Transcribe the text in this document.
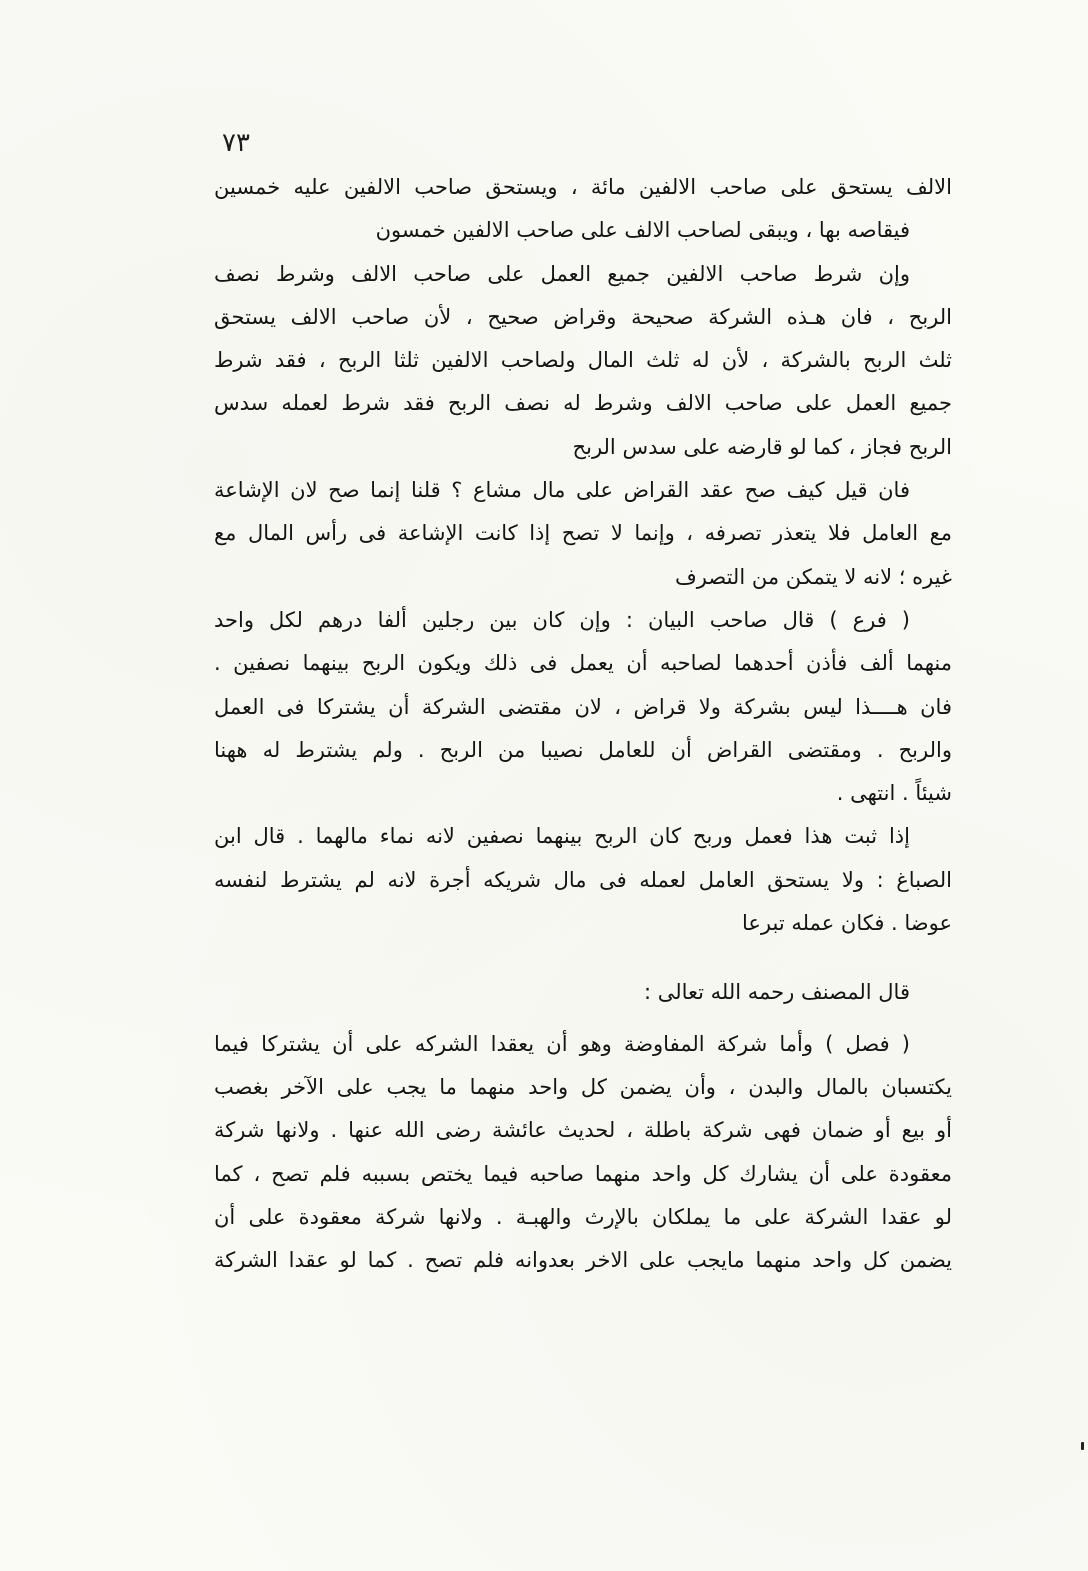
٧٣
الالف يستحق على صاحب الالفين مائة ، ويستحق صاحب الالفين عليه خمسين
فيقاصه بها ، ويبقى لصاحب الالف على صاحب الالفين خمسون
وإن شرط صاحب الالفين جميع العمل على صاحب الالف وشرط نصف
الربح ، فان هـذه الشركة صحيحة وقراض صحيح ، لأن صاحب الالف يستحق
ثلث الربح بالشركة ، لأن له ثلث المال ولصاحب الالفين ثلثا الربح ، فقد شرط
جميع العمل على صاحب الالف وشرط له نصف الربح فقد شرط لعمله سدس
الربح فجاز ، كما لو قارضه على سدس الربح
فان قيل كيف صح عقد القراض على مال مشاع ؟ قلنا إنما صح لان الإشاعة
مع العامل فلا يتعذر تصرفه ، وإنما لا تصح إذا كانت الإشاعة فى رأس المال مع
غيره ؛ لانه لا يتمكن من التصرف
( فرع ) قال صاحب البيان : وإن كان بين رجلين ألفا درهم لكل واحد
منهما ألف فأذن أحدهما لصاحبه أن يعمل فى ذلك ويكون الربح بينهما نصفين .
فان هــــذا ليس بشركة ولا قراض ، لان مقتضى الشركة أن يشتركا فى العمل
والربح . ومقتضى القراض أن للعامل نصيبا من الربح . ولم يشترط له ههنا
شيئاً . انتهى .
إذا ثبت هذا فعمل وربح كان الربح بينهما نصفين لانه نماء مالهما . قال ابن
الصباغ : ولا يستحق العامل لعمله فى مال شريكه أجرة لانه لم يشترط لنفسه
عوضا . فكان عمله تبرعا
قال المصنف رحمه الله تعالى :
( فصل ) وأما شركة المفاوضة وهو أن يعقدا الشركه على أن يشتركا فيما
يكتسبان بالمال والبدن ، وأن يضمن كل واحد منهما ما يجب على الآخر بغصب
أو بيع أو ضمان فهى شركة باطلة ، لحديث عائشة رضى الله عنها . ولانها شركة
معقودة على أن يشارك كل واحد منهما صاحبه فيما يختص بسببه فلم تصح ، كما
لو عقدا الشركة على ما يملكان بالإرث والهبـة . ولانها شركة معقودة على أن
يضمن كل واحد منهما مايجب على الاخر بعدوانه فلم تصح . كما لو عقدا الشركة
